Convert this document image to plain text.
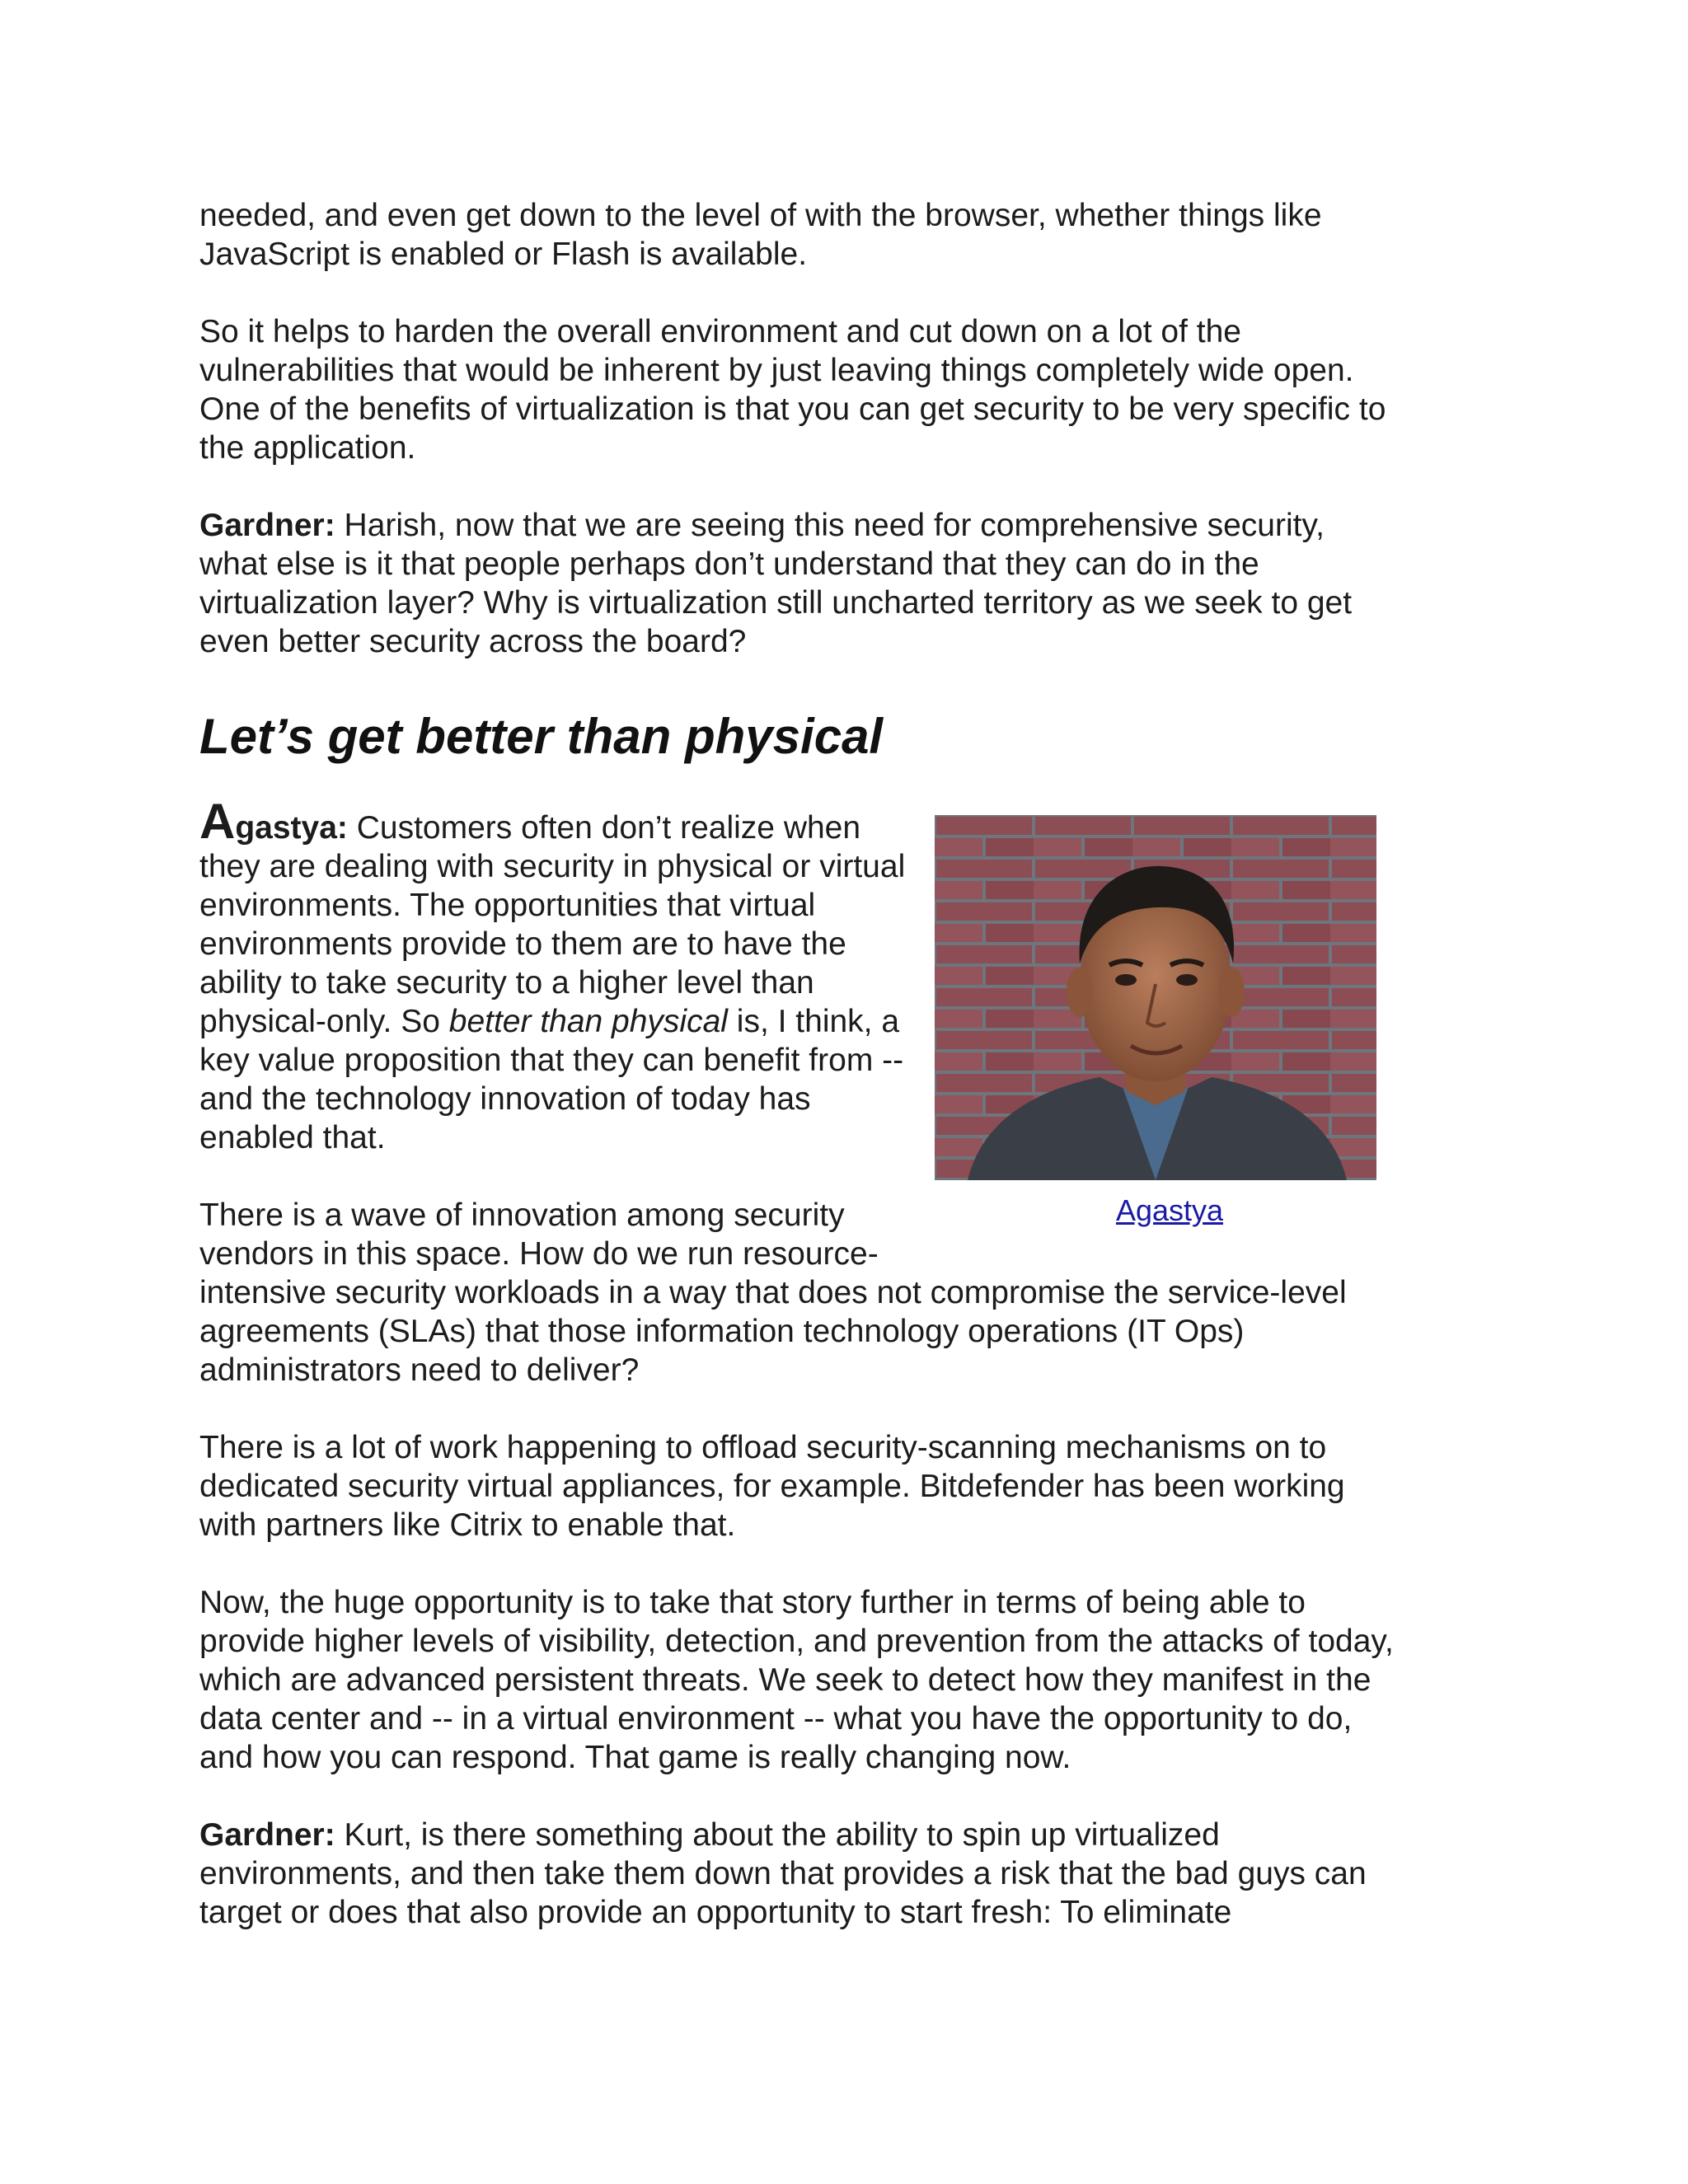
needed, and even get down to the level of with the browser, whether things like JavaScript is enabled or Flash is available.

So it helps to harden the overall environment and cut down on a lot of the vulnerabilities that would be inherent by just leaving things completely wide open. One of the benefits of virtualization is that you can get security to be very specific to the application.

Gardner: Harish, now that we are seeing this need for comprehensive security, what else is it that people perhaps don’t understand that they can do in the virtualization layer? Why is virtualization still uncharted territory as we seek to get even better security across the board?

Let’s get better than physical
Agastya

Agastya: Customers often don’t realize when they are dealing with security in physical or virtual environments. The opportunities that virtual environments provide to them are to have the ability to take security to a higher level than physical-only. So better than physical is, I think, a key value proposition that they can benefit from -- and the technology innovation of today has enabled that.

There is a wave of innovation among security vendors in this space. How do we run resource-intensive security workloads in a way that does not compromise the service-level agreements (SLAs) that those information technology operations (IT Ops) administrators need to deliver?

There is a lot of work happening to offload security-scanning mechanisms on to dedicated security virtual appliances, for example. Bitdefender has been working with partners like Citrix to enable that.

Now, the huge opportunity is to take that story further in terms of being able to provide higher levels of visibility, detection, and prevention from the attacks of today, which are advanced persistent threats. We seek to detect how they manifest in the data center and -- in a virtual environment -- what you have the opportunity to do, and how you can respond. That game is really changing now.

Gardner: Kurt, is there something about the ability to spin up virtualized environments, and then take them down that provides a risk that the bad guys can target or does that also provide an opportunity to start fresh: To eliminate
